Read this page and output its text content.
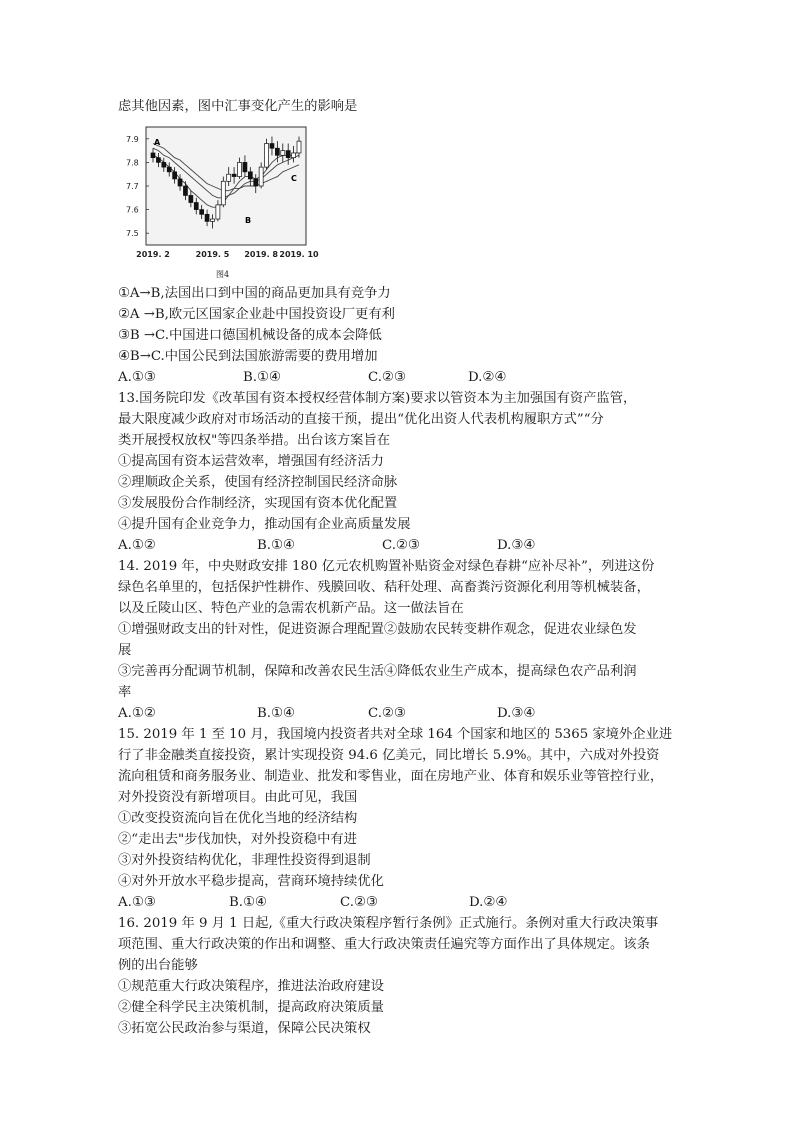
虑其他因素，图中汇事变化产生的影响是
7.9
7.8
7.7
7.6
7.5
2019. 2	2019. 5 2019. 8 2019. 10
A
B
C
图4
①A→B,法国出口到中国的商品更加具有竞争力
②A →B,欧元区国家企业赴中国投资设厂更有利
③B →C.中国进口德国机械设备的成本会降低
④B→C.中国公民到法国旅游需要的费用增加
A.①③	B.①④	C.②③	D.②④
13.国务院印发《改革国有资本授权经营体制方案)要求以管资本为主加强国有资产监管，
最大限度减少政府对市场活动的直接干预，提出“优化出资人代表机构履职方式”“分
类开展授权放权"等四条举措。出台该方案旨在
①提高国有资本运营效率，增强国有经济活力
②理顺政企关系，使国有经济控制国民经济命脉
③发展股份合作制经济，实现国有资本优化配置
④提升国有企业竞争力，推动国有企业高质量发展
A.①②	B.①④	C.②③	D.③④
14. 2019 年，中央财政安排 180 亿元农机购置补贴资金对绿色春耕“应补尽补”，列进这份
绿色名单里的，包括保护性耕作、残膜回收、秸秆处理、高畜粪污资源化利用等机械装备，
以及丘陵山区、特色产业的急需农机新产品。这一做法旨在
①增强财政支出的针对性，促进资源合理配置②鼓励农民转变耕作观念，促进农业绿色发
展
③完善再分配调节机制，保障和改善农民生活④降低农业生产成本，提高绿色农产品利润
率
A.①②	B.①④	C.②③	D.③④
15. 2019 年 1 至 10 月，我国境内投资者共对全球 164 个国家和地区的 5365 家境外企业进
行了非金融类直接投资，累计实现投资 94.6 亿美元，同比增长 5.9%。其中，六成对外投资
流向租赁和商务服务业、制造业、批发和零售业，面在房地产业、体育和娱乐业等管控行业，
对外投资没有新增项目。由此可见，我国
①改变投资流向旨在优化当地的经济结构
②“走出去"步伐加快，对外投资稳中有进
③对外投资结构优化，非理性投资得到退制
④对外开放水平稳步提高，营商环境持续优化
A.①③	B.①④	C.②③	D.②④
16. 2019 年 9 月 1 日起,《重大行政决策程序暂行条例》正式施行。条例对重大行政决策事
项范围、重大行政决策的作出和调整、重大行政决策责任遍究等方面作出了具体规定。该条
例的出台能够
①规范重大行政决策程序，推进法治政府建设
②健全科学民主决策机制，提高政府决策质量
③拓宽公民政治参与渠道，保障公民决策权
